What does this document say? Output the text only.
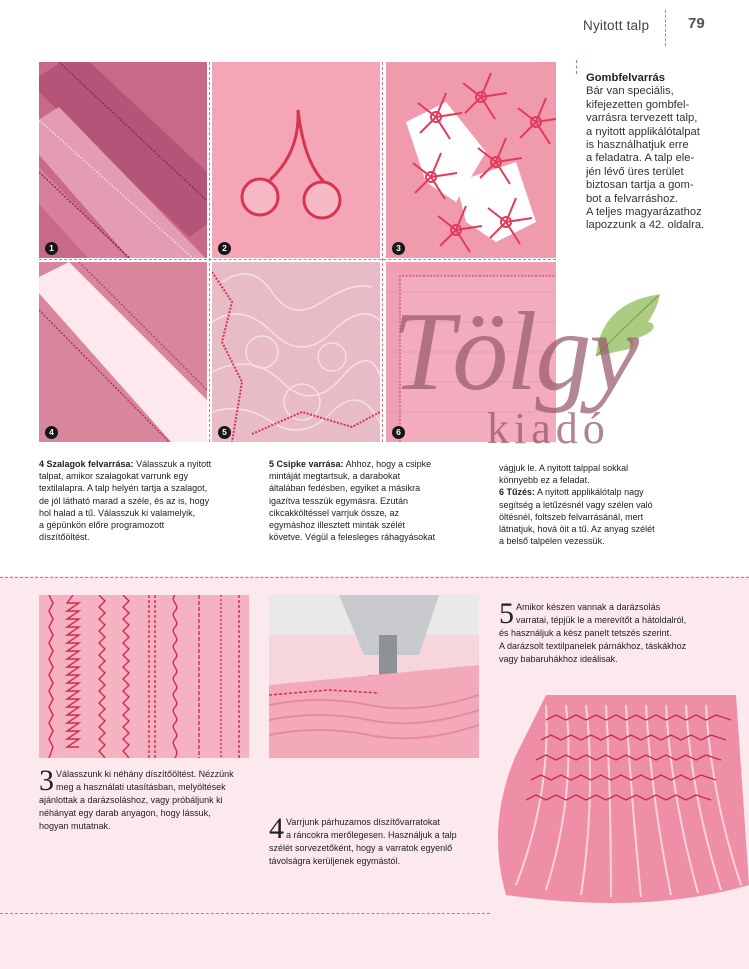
Nyitott talp	79
1	2	3
4	5	6
Gombfelvarrás
Bár van speciális,
kifejezetten gombfel-
varrásra tervezett talp,
a nyitott applikálótalpat
is használhatjuk erre
a feladatra. A talp ele-
jén lévő üres terület
biztosan tartja a gom-
bot a felvarráshoz.
A teljes magyarázathoz
lapozzunk a 42. oldalra.
Tölgy
kiadó
4 Szalagok felvarrása: Válasszuk a nyitott
talpat, amikor szalagokat varrunk egy
textilalapra. A talp helyén tartja a szalagot,
de jól látható marad a széle, és az is, hogy
hol halad a tű. Válasszuk ki valamelyik,
a gépünkön előre programozott
díszítőöltést.
5 Csipke varrása: Ahhoz, hogy a csipke
mintáját megtartsuk, a darabokat
általában fedésben, egyiket a másikra
igazítva tesszük egymásra. Ezután
cikcakköltéssel varrjuk össze, az
egymáshoz illesztett minták szélét
követve. Végül a felesleges ráhagyásokat
vágjuk le. A nyitott talppal sokkal
könnyebb ez a feladat.
6 Tűzés: A nyitott applikálótalp nagy
segítség a letűzésnél vagy szélen való
öltésnél, foltszeb felvarrásánál, mert
látnatjuk, hová öit a tű. Az anyag szélét
a belső talpélen vezessük.
3 Válasszunk ki néhány díszítőöltést. Nézzünk
meg a használati utasításban, melyöltések
ajánlottak a darázsoláshoz, vagy próbáljunk ki
néhányat egy darab anyagon, hogy lássuk,
hogyan mutatnak.	4 Varrjunk párhuzamos díszítővarratokat
a ráncokra merőlegesen. Használjuk a talp
szélét sorvezetőként, hogy a varratok egyenlő
távolságra kerüljenek egymástól.
5 Amikor készen vannak a darázsolás
varratai, tépjük le a merevítőt a hátoldalról,
és használjuk a kész panelt tetszés szerint.
A darázsolt textilpanelek párnákhoz, táskákhoz
vagy babaruhákhoz ideálisak.
